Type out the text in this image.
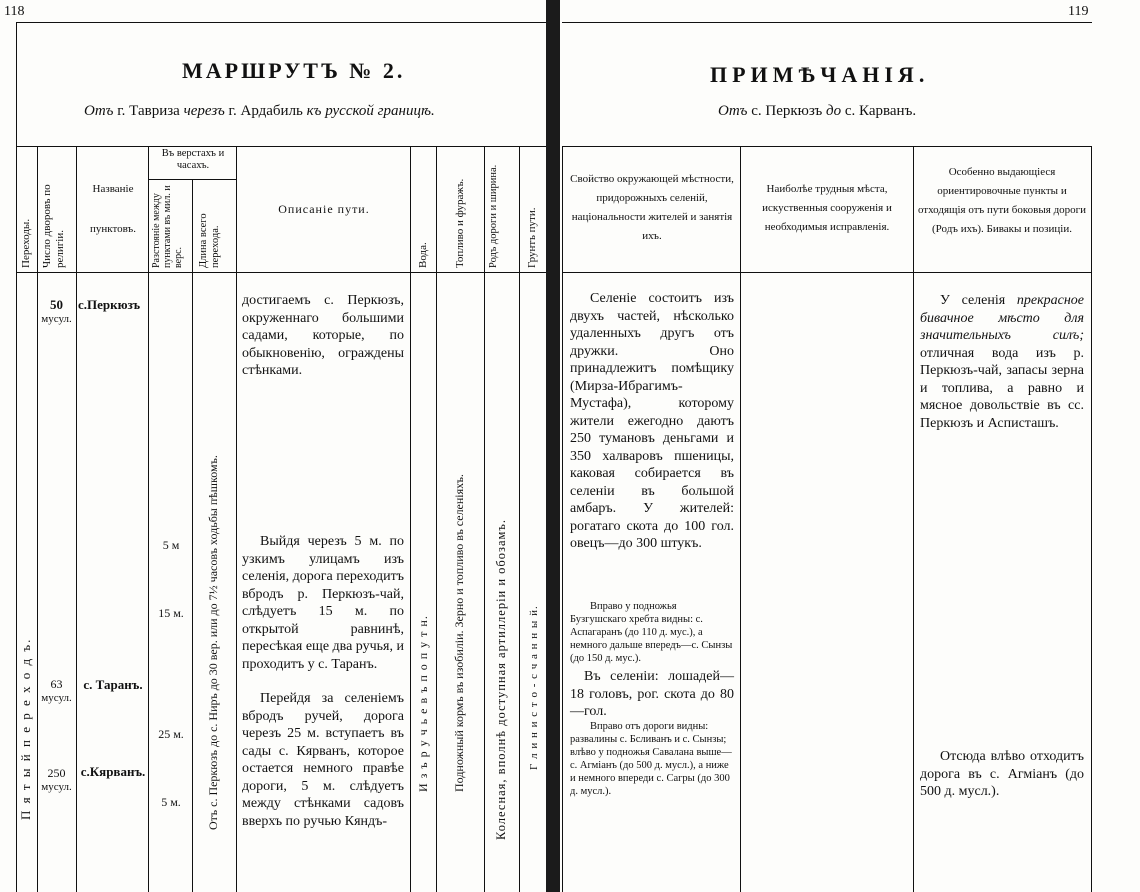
118
МАРШРУТЪ № 2.
Отъ г. Тавриза черезъ г. Ардабиль къ русской границѣ.
Переходы. Число дворовъ по религіи.
Названіе
пунктовъ.
Въ верстахъ и часахъ.
Разстояніе между пунктами въ мил. и верс. Длина всего перехода.
Описаніе пути.
Вода. Топливо и фуражъ. Родъ дороги и ширина. Грунтъ пути.
П я т ы й п е р е х о д ъ.
50
мусул.
с.Перкюзъ
63
мусул.
с. Таранъ.
250
мусул.
с.Кярванъ.
5 м
15 м.
25 м.
5 м.	Отъ с. Перкюзъ до с. Ниръ до 30 вер. или до 7½ часовъ ходьбы пѣшкомъ.
достигаемъ с. Перкюзъ, окруженнаго большими садами, которые, по обыкновенію, ограждены стѣнками.
Выйдя черезъ 5 м. по узкимъ улицамъ изъ селенія, дорога переходитъ вбродъ р. Перкюзъ-чай, слѣдуетъ 15 м. по открытой равнинѣ, пересѣкая еще два ручья, и проходитъ у с. Таранъ.
Перейдя за селеніемъ вбродъ ручей, дорога черезъ 25 м. вступаетъ въ сады с. Кярванъ, которое остается немного правѣе дороги, 5 м. слѣдуетъ между стѣнками садовъ вверхъ по ручью Кяндъ-
И з ъ р у ч ь е в ъ п о п у т н. Подножный кормъ въ изобиліи. Зерно и топливо въ селеніяхъ. Колесная, вполнѣ доступная артиллеріи и обозамъ. Г л и н и с т о - с ч а н н ы й.
119
ПРИМѢЧАНІЯ.
Отъ с. Перкюзъ до с. Карванъ.
Свойство окружающей мѣстности, придорожныхъ селеній, національности жителей и занятія ихъ.
Наиболѣе трудныя мѣста, искуственныя сооруженія и необходимыя исправленія.
Особенно выдающіеся ориентировочные пункты и отходящія отъ пути боковыя дороги (Родъ ихъ). Бивакы и позиціи.
Селеніе состоитъ изъ двухъ частей, нѣсколько удаленныхъ другъ отъ дружки. Оно принадлежитъ помѣщику (Мирза-Ибрагимъ-Мустафа), которому жители ежегодно даютъ 250 тумановъ деньгами и 350 халваровъ пшеницы, каковая собирается въ селеніи въ большой амбаръ. У жителей: рогатаго скота до 100 гол. овецъ—до 300 штукъ.
Вправо у подножья Бузгушскаго хребта видны: с. Аспагаранъ (до 110 д. мус.), а немного дальше впередъ—с. Сынзы (до 150 д. мус.).
Въ селеніи: лошадей—18 головъ, рог. скота до 80—гол.
Вправо отъ дороги видны: развалины с. Бсливанъ и с. Сынзы; влѣво у подножья Савалана выше—с. Агміанъ (до 500 д. мусл.), а ниже и немного впереди с. Сагры (до 300 д. мусл.).
У селенія прекрасное бивачное мѣсто для значительныхъ силъ; отличная вода изъ р. Перкюзъ-чай, запасы зерна и топлива, а равно и мясное довольствіе въ сс. Перкюзъ и Асписташъ.
Отсюда влѣво отходитъ дорога въ с. Агміанъ (до 500 д. мусл.).
